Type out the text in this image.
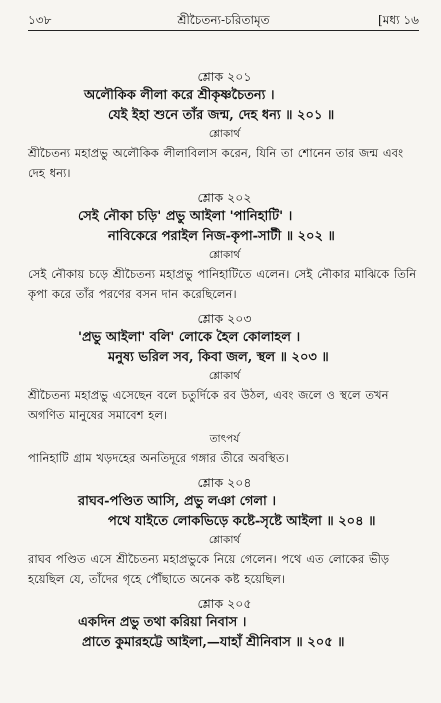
১৩৮	শ্রীচৈতন্য-চরিতামৃত	[মধ্য ১৬

শ্লোক ২০১

অলৌকিক লীলা করে শ্রীকৃষ্ণচৈতন্য ।
যেই ইহা শুনে তাঁর জন্ম, দেহ ধন্য ॥ ২০১ ॥

শ্লোকার্থ

শ্রীচৈতন্য মহাপ্রভু অলৌকিক লীলাবিলাস করেন, যিনি তা শোনেন তার জন্ম এবং দেহ ধন্য।

শ্লোক ২০২

সেই নৌকা চড়ি' প্রভু আইলা 'পানিহাটি' ।
নাবিকেরে পরাইল নিজ-কৃপা-সাটী ॥ ২০২ ॥

শ্লোকার্থ

সেই নৌকায় চড়ে শ্রীচৈতন্য মহাপ্রভু পানিহাটিতে এলেন। সেই নৌকার মাঝিকে তিনি কৃপা করে তাঁর পরণের বসন দান করেছিলেন।

শ্লোক ২০৩

'প্রভু আইলা' বলি' লোকে হৈল কোলাহল ।
মনুষ্য ভরিল সব, কিবা জল, স্থল ॥ ২০৩ ॥

শ্লোকার্থ

শ্রীচৈতন্য মহাপ্রভু এসেছেন বলে চতুর্দিকে রব উঠল, এবং জলে ও স্থলে তখন অগণিত মানুষের সমাবেশ হল।

তাৎপর্য

পানিহাটি গ্রাম খড়দহের অনতিদূরে গঙ্গার তীরে অবস্থিত।

শ্লোক ২০৪

রাঘব-পণ্ডিত আসি, প্রভু লঞা গেলা ।
পথে যাইতে লোকভিড়ে কষ্টে-সৃষ্টে আইলা ॥ ২০৪ ॥

শ্লোকার্থ

রাঘব পণ্ডিত এসে শ্রীচৈতন্য মহাপ্রভুকে নিয়ে গেলেন। পথে এত লোকের ভীড় হয়েছিল যে, তাঁদের গৃহে পৌঁছাতে অনেক কষ্ট হয়েছিল।

শ্লোক ২০৫

একদিন প্রভু তথা করিয়া নিবাস ।
প্রাতে কুমারহট্টে আইলা,—যাহাঁ শ্রীনিবাস ॥ ২০৫ ॥
